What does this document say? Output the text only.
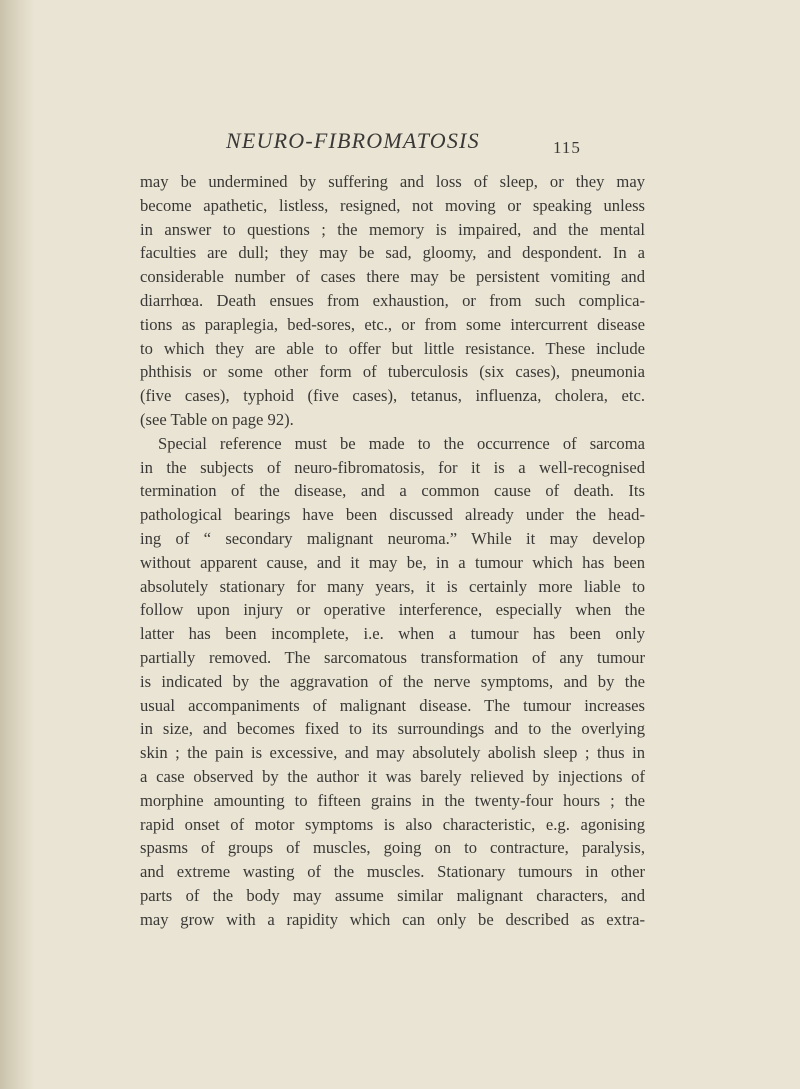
NEURO-FIBROMATOSIS	115
may be undermined by suffering and loss of sleep, or they may
become apathetic, listless, resigned, not moving or speaking unless
in answer to questions ; the memory is impaired, and the mental
faculties are dull; they may be sad, gloomy, and despondent. In a
considerable number of cases there may be persistent vomiting and
diarrhœa. Death ensues from exhaustion, or from such complica-
tions as paraplegia, bed-sores, etc., or from some intercurrent disease
to which they are able to offer but little resistance. These include
phthisis or some other form of tuberculosis (six cases), pneumonia
(five cases), typhoid (five cases), tetanus, influenza, cholera, etc.
(see Table on page 92).
Special reference must be made to the occurrence of sarcoma
in the subjects of neuro-fibromatosis, for it is a well-recognised
termination of the disease, and a common cause of death. Its
pathological bearings have been discussed already under the head-
ing of “ secondary malignant neuroma.” While it may develop
without apparent cause, and it may be, in a tumour which has been
absolutely stationary for many years, it is certainly more liable to
follow upon injury or operative interference, especially when the
latter has been incomplete, i.e. when a tumour has been only
partially removed. The sarcomatous transformation of any tumour
is indicated by the aggravation of the nerve symptoms, and by the
usual accompaniments of malignant disease. The tumour increases
in size, and becomes fixed to its surroundings and to the overlying
skin ; the pain is excessive, and may absolutely abolish sleep ; thus in
a case observed by the author it was barely relieved by injections of
morphine amounting to fifteen grains in the twenty-four hours ; the
rapid onset of motor symptoms is also characteristic, e.g. agonising
spasms of groups of muscles, going on to contracture, paralysis,
and extreme wasting of the muscles. Stationary tumours in other
parts of the body may assume similar malignant characters, and
may grow with a rapidity which can only be described as extra-
